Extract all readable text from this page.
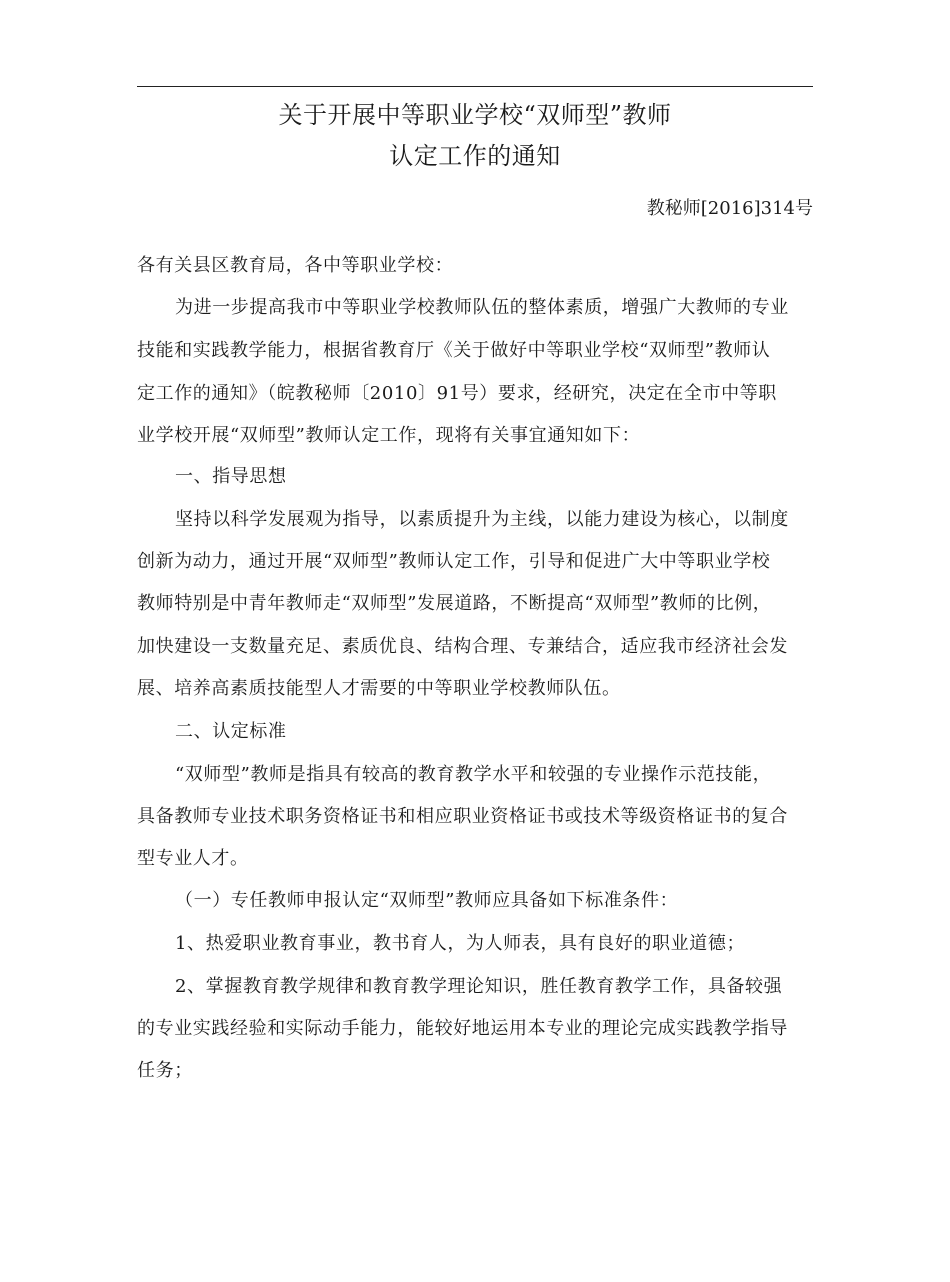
关于开展中等职业学校“双师型”教师
认定工作的通知
教秘师[2016]314号
各有关县区教育局，各中等职业学校：
为进一步提高我市中等职业学校教师队伍的整体素质，增强广大教师的专业
技能和实践教学能力，根据省教育厅《关于做好中等职业学校“双师型”教师认
定工作的通知》（皖教秘师〔2010〕91号）要求，经研究，决定在全市中等职
业学校开展“双师型”教师认定工作，现将有关事宜通知如下：
一、指导思想
坚持以科学发展观为指导，以素质提升为主线，以能力建设为核心，以制度
创新为动力，通过开展“双师型”教师认定工作，引导和促进广大中等职业学校
教师特别是中青年教师走“双师型”发展道路，不断提高“双师型”教师的比例，
加快建设一支数量充足、素质优良、结构合理、专兼结合，适应我市经济社会发
展、培养高素质技能型人才需要的中等职业学校教师队伍。
二、认定标准
“双师型”教师是指具有较高的教育教学水平和较强的专业操作示范技能，
具备教师专业技术职务资格证书和相应职业资格证书或技术等级资格证书的复合
型专业人才。
（一）专任教师申报认定“双师型”教师应具备如下标准条件：
1、热爱职业教育事业，教书育人，为人师表，具有良好的职业道德；
2、掌握教育教学规律和教育教学理论知识，胜任教育教学工作，具备较强
的专业实践经验和实际动手能力，能较好地运用本专业的理论完成实践教学指导
任务；
